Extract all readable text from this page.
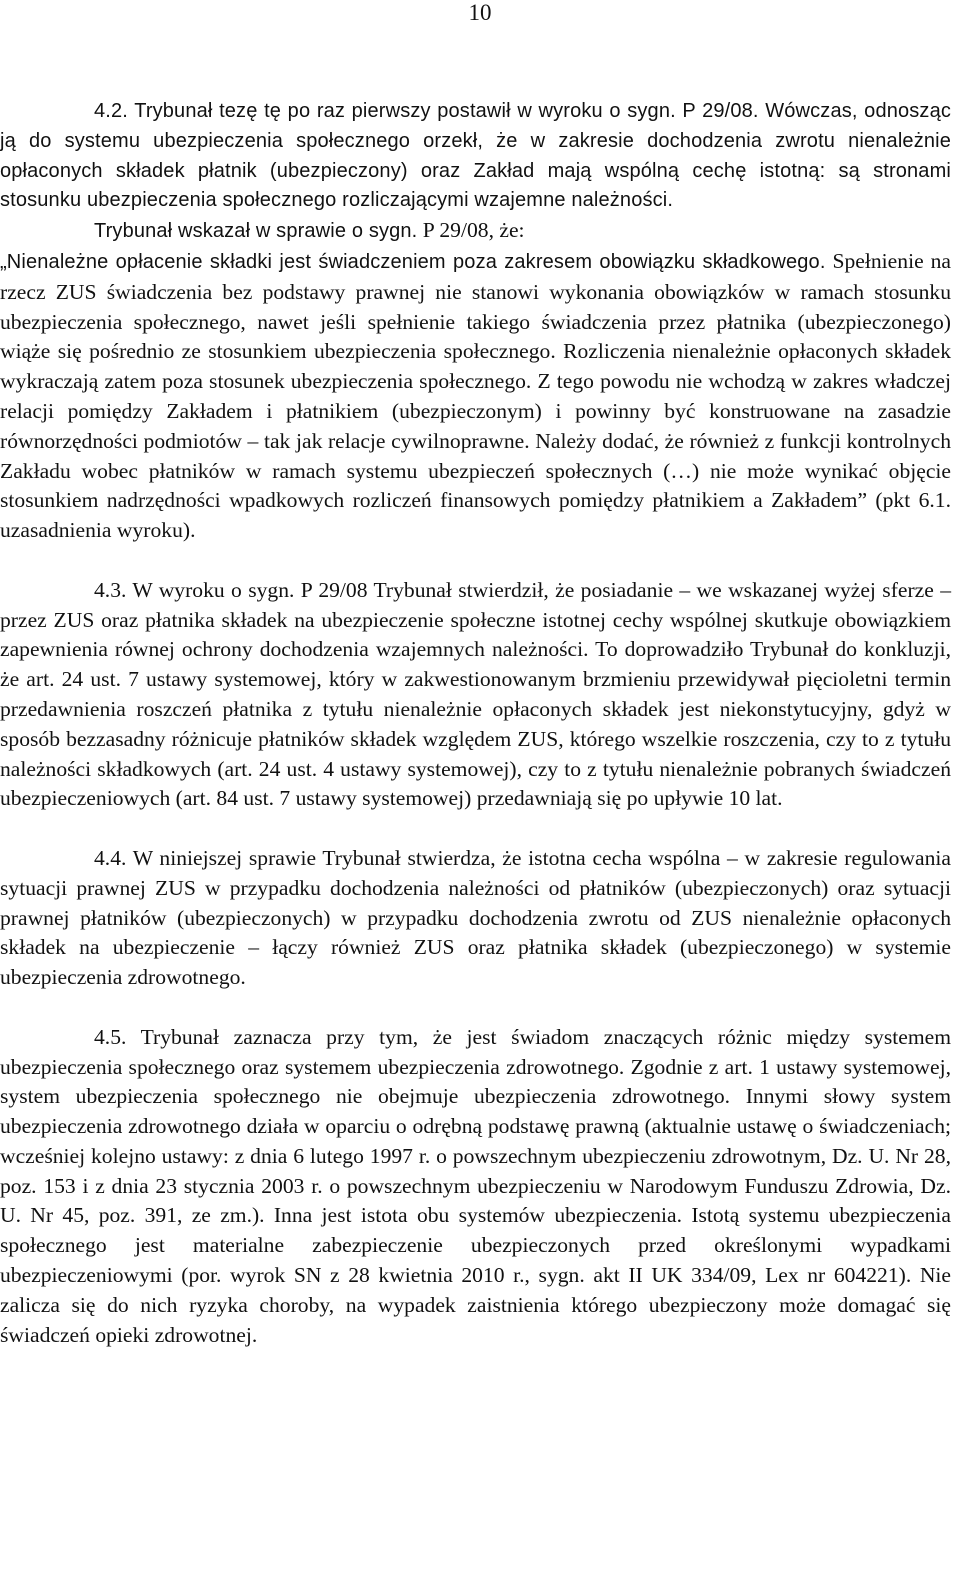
10

4.2. Trybunał tezę tę po raz pierwszy postawił w wyroku o sygn. P 29/08. Wówczas, odnosząc ją do systemu ubezpieczenia społecznego orzekł, że w zakresie dochodzenia zwrotu nienależnie opłaconych składek płatnik (ubezpieczony) oraz Zakład mają wspólną cechę istotną: są stronami stosunku ubezpieczenia społecznego rozliczającymi wzajemne należności.

Trybunał wskazał w sprawie o sygn. P 29/08, że:

„Nienależne opłacenie składki jest świadczeniem poza zakresem obowiązku składkowego. Spełnienie na rzecz ZUS świadczenia bez podstawy prawnej nie stanowi wykonania obowiązków w ramach stosunku ubezpieczenia społecznego, nawet jeśli spełnienie takiego świadczenia przez płatnika (ubezpieczonego) wiąże się pośrednio ze stosunkiem ubezpieczenia społecznego. Rozliczenia nienależnie opłaconych składek wykraczają zatem poza stosunek ubezpieczenia społecznego. Z tego powodu nie wchodzą w zakres władczej relacji pomiędzy Zakładem i płatnikiem (ubezpieczonym) i powinny być konstruowane na zasadzie równorzędności podmiotów – tak jak relacje cywilnoprawne. Należy dodać, że również z funkcji kontrolnych Zakładu wobec płatników w ramach systemu ubezpieczeń społecznych (…) nie może wynikać objęcie stosunkiem nadrzędności wpadkowych rozliczeń finansowych pomiędzy płatnikiem a Zakładem” (pkt 6.1. uzasadnienia wyroku).

4.3. W wyroku o sygn. P 29/08 Trybunał stwierdził, że posiadanie – we wskazanej wyżej sferze – przez ZUS oraz płatnika składek na ubezpieczenie społeczne istotnej cechy wspólnej skutkuje obowiązkiem zapewnienia równej ochrony dochodzenia wzajemnych należności. To doprowadziło Trybunał do konkluzji, że art. 24 ust. 7 ustawy systemowej, który w zakwestionowanym brzmieniu przewidywał pięcioletni termin przedawnienia roszczeń płatnika z tytułu nienależnie opłaconych składek jest niekonstytucyjny, gdyż w sposób bezzasadny różnicuje płatników składek względem ZUS, którego wszelkie roszczenia, czy to z tytułu należności składkowych (art. 24 ust. 4 ustawy systemowej), czy to z tytułu nienależnie pobranych świadczeń ubezpieczeniowych (art. 84 ust. 7 ustawy systemowej) przedawniają się po upływie 10 lat.

4.4. W niniejszej sprawie Trybunał stwierdza, że istotna cecha wspólna – w zakresie regulowania sytuacji prawnej ZUS w przypadku dochodzenia należności od płatników (ubezpieczonych) oraz sytuacji prawnej płatników (ubezpieczonych) w przypadku dochodzenia zwrotu od ZUS nienależnie opłaconych składek na ubezpieczenie – łączy również ZUS oraz płatnika składek (ubezpieczonego) w systemie ubezpieczenia zdrowotnego.

4.5. Trybunał zaznacza przy tym, że jest świadom znaczących różnic między systemem ubezpieczenia społecznego oraz systemem ubezpieczenia zdrowotnego. Zgodnie z art. 1 ustawy systemowej, system ubezpieczenia społecznego nie obejmuje ubezpieczenia zdrowotnego. Innymi słowy system ubezpieczenia zdrowotnego działa w oparciu o odrębną podstawę prawną (aktualnie ustawę o świadczeniach; wcześniej kolejno ustawy: z dnia 6 lutego 1997 r. o powszechnym ubezpieczeniu zdrowotnym, Dz. U. Nr 28, poz. 153 i z dnia 23 stycznia 2003 r. o powszechnym ubezpieczeniu w Narodowym Funduszu Zdrowia, Dz. U. Nr 45, poz. 391, ze zm.). Inna jest istota obu systemów ubezpieczenia. Istotą systemu ubezpieczenia społecznego jest materialne zabezpieczenie ubezpieczonych przed określonymi wypadkami ubezpieczeniowymi (por. wyrok SN z 28 kwietnia 2010 r., sygn. akt II UK 334/09, Lex nr 604221). Nie zalicza się do nich ryzyka choroby, na wypadek zaistnienia którego ubezpieczony może domagać się świadczeń opieki zdrowotnej.
